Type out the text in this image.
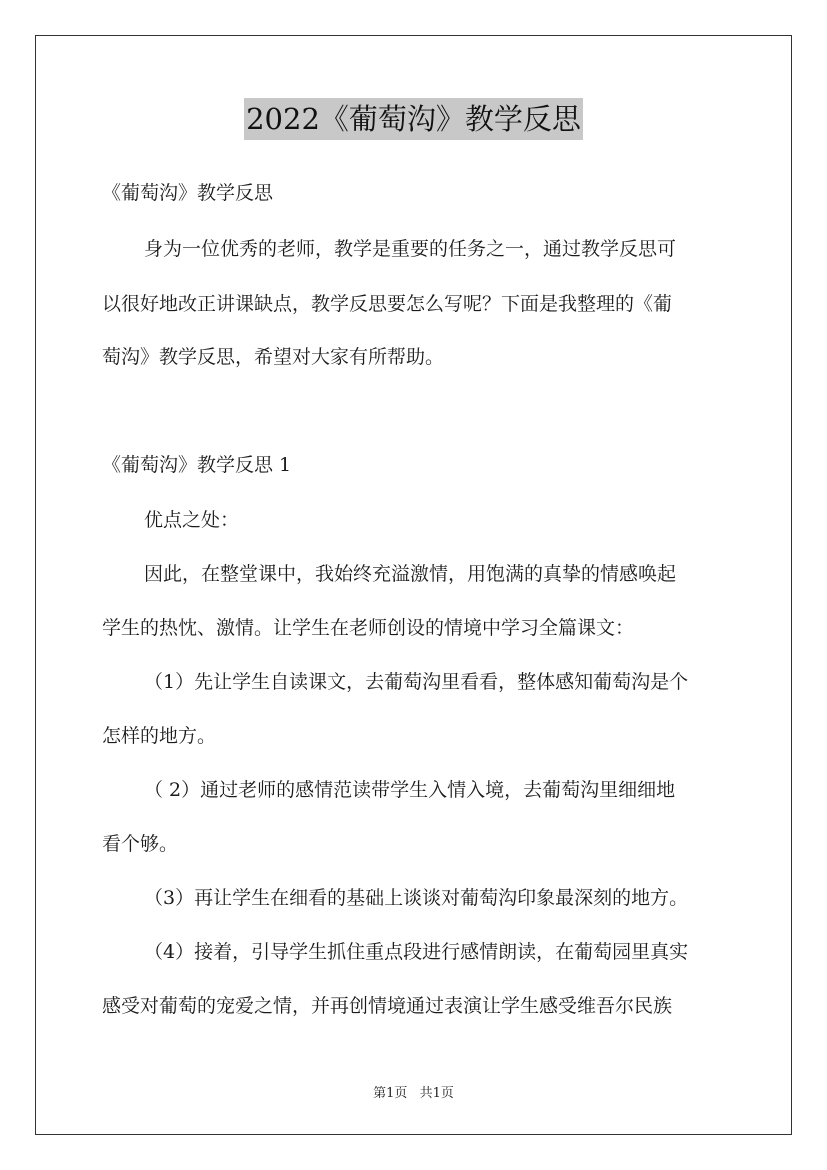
2022《葡萄沟》教学反思
《葡萄沟》教学反思
身为一位优秀的老师，教学是重要的任务之一，通过教学反思可
以很好地改正讲课缺点，教学反思要怎么写呢？下面是我整理的《葡
萄沟》教学反思，希望对大家有所帮助。
《葡萄沟》教学反思 1
优点之处：
因此，在整堂课中，我始终充溢激情，用饱满的真挚的情感唤起
学生的热忱、激情。让学生在老师创设的情境中学习全篇课文：
（1）先让学生自读课文，去葡萄沟里看看，整体感知葡萄沟是个
怎样的地方。
（ 2）通过老师的感情范读带学生入情入境，去葡萄沟里细细地
看个够。
（3）再让学生在细看的基础上谈谈对葡萄沟印象最深刻的地方。
（4）接着，引导学生抓住重点段进行感情朗读，在葡萄园里真实
感受对葡萄的宠爱之情，并再创情境通过表演让学生感受维吾尔民族
第1页 共1页
